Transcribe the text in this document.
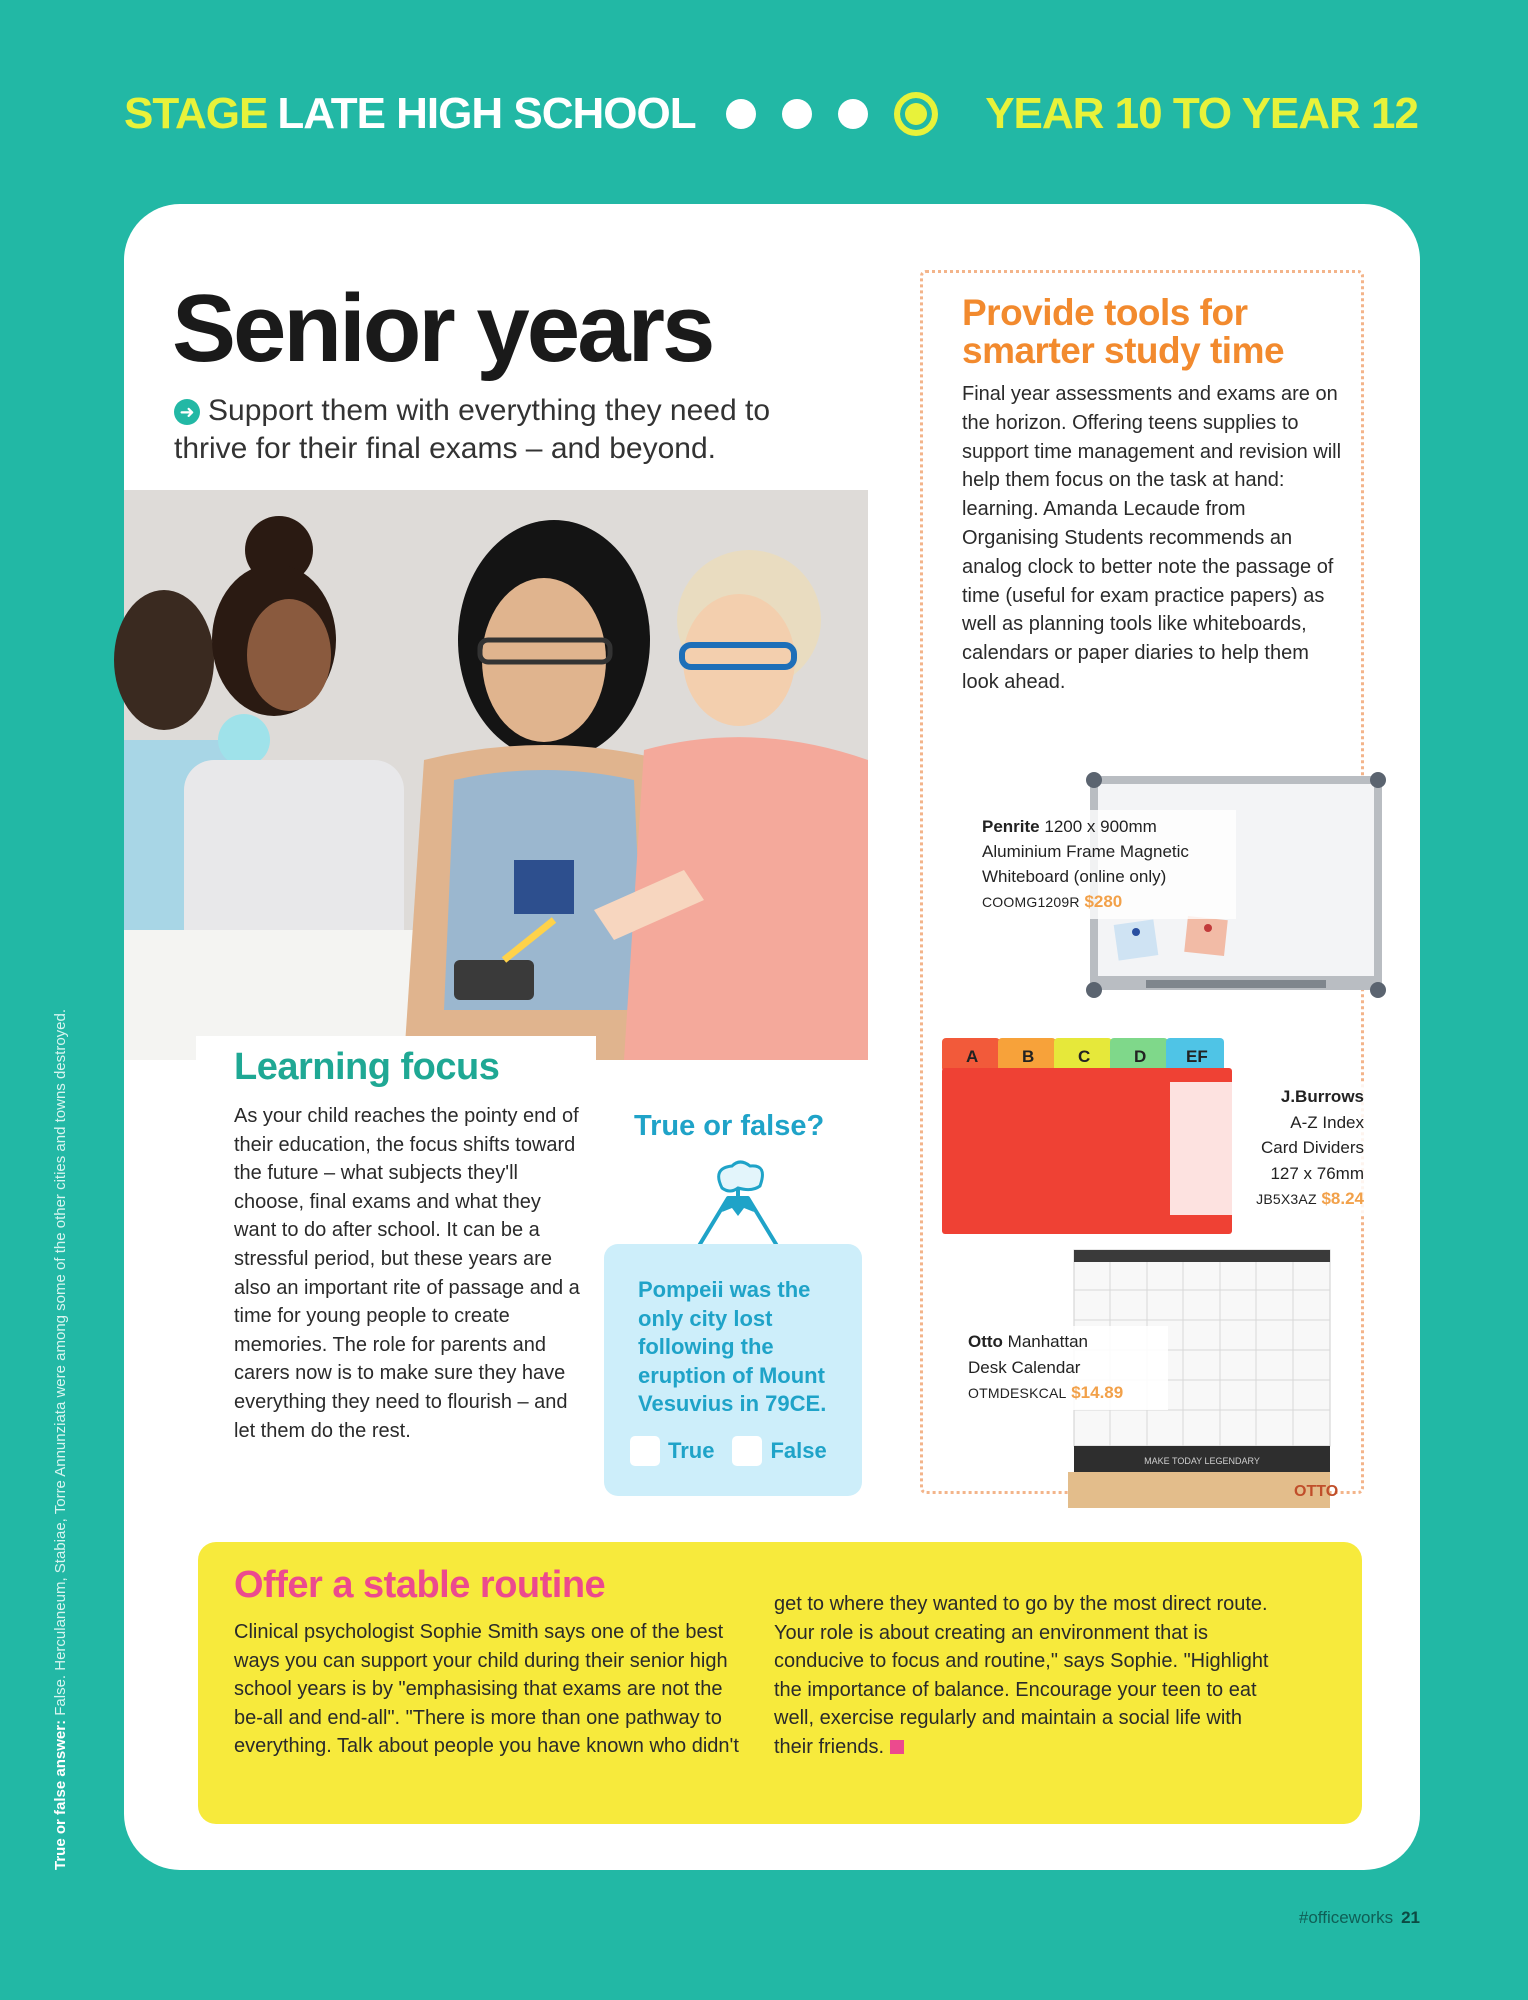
STAGE LATE HIGH SCHOOL	YEAR 10 TO YEAR 12
Senior years

➜ Support them with everything they need to thrive for their final exams – and beyond.

Learning focus

As your child reaches the pointy end of their education, the focus shifts toward the future – what subjects they'll choose, final exams and what they want to do after school. It can be a stressful period, but these years are also an important rite of passage and a time for young people to create memories. The role for parents and carers now is to make sure they have everything they need to flourish – and let them do the rest.

True or false?

Pompeii was the only city lost following the eruption of Mount Vesuvius in 79CE.

True	False
Provide tools for smarter study time

Final year assessments and exams are on the horizon. Offering teens supplies to support time management and revision will help them focus on the task at hand: learning. Amanda Lecaude from Organising Students recommends an analog clock to better note the passage of time (useful for exam practice papers) as well as planning tools like whiteboards, calendars or paper diaries to help them look ahead.

Penrite 1200 x 900mm
Aluminium Frame Magnetic
Whiteboard (online only)
COOMG1209R $280
A	B	C	D EF
J.Burrows
A-Z Index
Card Dividers
127 x 76mm
JB5X3AZ $8.24
MAKE TODAY LEGENDARY
OTTO
Otto Manhattan
Desk Calendar
OTMDESKCAL $14.89
Offer a stable routine

Clinical psychologist Sophie Smith says one of the best ways you can support your child during their senior high school years is by "emphasising that exams are not the be-all and end-all". "There is more than one pathway to everything. Talk about people you have known who didn't

get to where they wanted to go by the most direct route. Your role is about creating an environment that is conducive to focus and routine," says Sophie. "Highlight the importance of balance. Encourage your teen to eat well, exercise regularly and maintain a social life with their friends.

True or false answer: False. Herculaneum, Stabiae, Torre Annunziata were among some of the other cities and towns destroyed.
#officeworks 21
